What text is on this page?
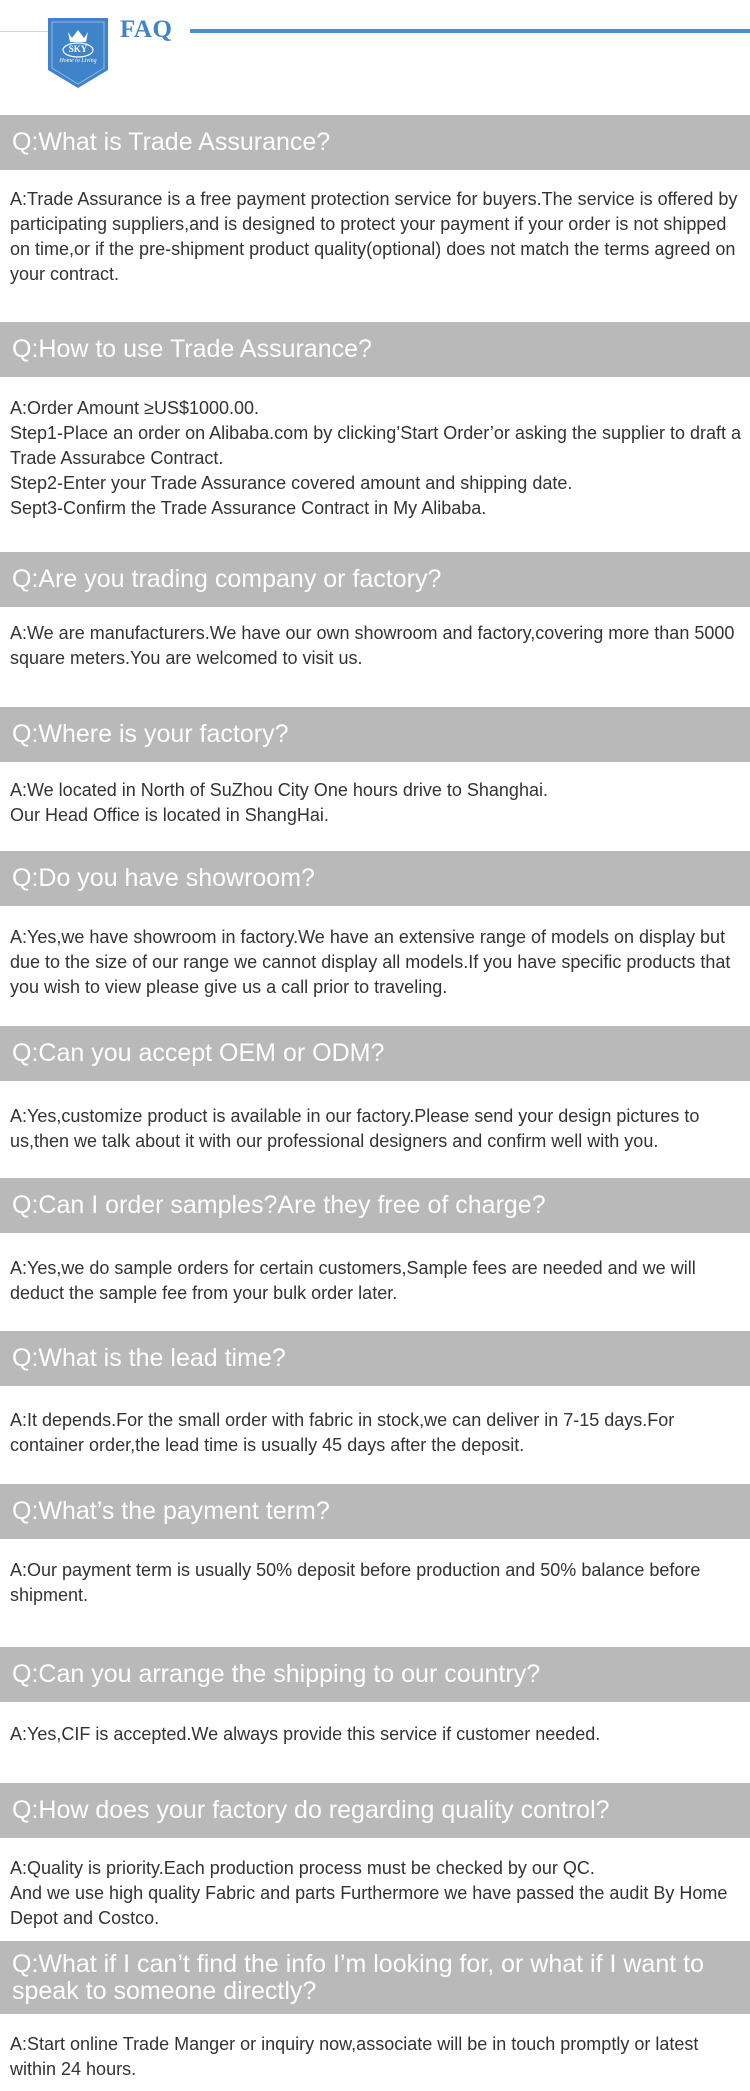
SKY
Home to Living
FAQ
Q:What is Trade Assurance?
A:Trade Assurance is a free payment protection service for buyers.The service is offered by participating suppliers,and is designed to protect your payment if your order is not shipped on time,or if the pre-shipment product quality(optional) does not match the terms agreed on your contract.
Q:How to use Trade Assurance?
A:Order Amount ≥US$1000.00.
Step1-Place an order on Alibaba.com by clicking’Start Order’or asking the supplier to draft a Trade Assurabce Contract.
Step2-Enter your Trade Assurance covered amount and shipping date.
Sept3-Confirm the Trade Assurance Contract in My Alibaba.
Q:Are you trading company or factory?
A:We are manufacturers.We have our own showroom and factory,covering more than 5000 square meters.You are welcomed to visit us.
Q:Where is your factory?
A:We located in North of SuZhou City One hours drive to Shanghai.
Our Head Office is located in ShangHai.
Q:Do you have showroom?
A:Yes,we have showroom in factory.We have an extensive range of models on display but due to the size of our range we cannot display all models.If you have specific products that you wish to view please give us a call prior to traveling.
Q:Can you accept OEM or ODM?
A:Yes,customize product is available in our factory.Please send your design pictures to us,then we talk about it with our professional designers and confirm well with you.
Q:Can I order samples?Are they free of charge?
A:Yes,we do sample orders for certain customers,Sample fees are needed and we will deduct the sample fee from your bulk order later.
Q:What is the lead time?
A:It depends.For the small order with fabric in stock,we can deliver in 7-15 days.For container order,the lead time is usually 45 days after the deposit.
Q:What’s the payment term?
A:Our payment term is usually 50% deposit before production and 50% balance before shipment.
Q:Can you arrange the shipping to our country?
A:Yes,CIF is accepted.We always provide this service if customer needed.
Q:How does your factory do regarding quality control?
A:Quality is priority.Each production process must be checked by our QC.
And we use high quality Fabric and parts Furthermore we have passed the audit By Home Depot and Costco.
Q:What if I can’t find the info I’m looking for, or what if I want to speak to someone directly?
A:Start online Trade Manger or inquiry now,associate will be in touch promptly or latest within 24 hours.
